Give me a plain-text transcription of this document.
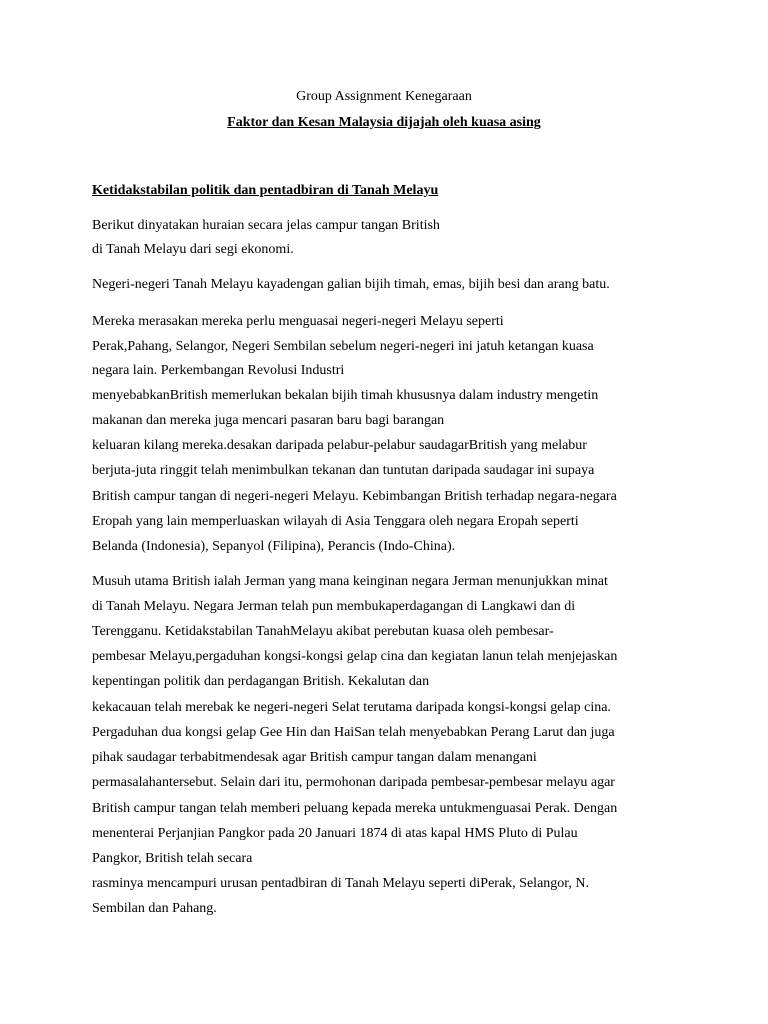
Group Assignment Kenegaraan

Faktor dan Kesan Malaysia dijajah oleh kuasa asing

Ketidakstabilan politik dan pentadbiran di Tanah Melayu

Berikut dinyatakan huraian secara jelas campur tangan British

di Tanah Melayu dari segi ekonomi.

Negeri-negeri Tanah Melayu kayadengan galian bijih timah, emas, bijih besi dan arang batu.

Mereka merasakan mereka perlu menguasai negeri-negeri Melayu seperti

Perak,Pahang, Selangor, Negeri Sembilan sebelum negeri-negeri ini jatuh ketangan kuasa

negara lain. Perkembangan Revolusi Industri

menyebabkanBritish memerlukan bekalan bijih timah khususnya dalam industry mengetin

makanan dan mereka juga mencari pasaran baru bagi barangan

keluaran kilang mereka.desakan daripada pelabur-pelabur saudagarBritish yang melabur

berjuta-juta ringgit telah menimbulkan tekanan dan tuntutan daripada saudagar ini supaya

British campur tangan di negeri-negeri Melayu. Kebimbangan British terhadap negara-negara

Eropah yang lain memperluaskan wilayah di Asia Tenggara oleh negara Eropah seperti

Belanda (Indonesia), Sepanyol (Filipina), Perancis (Indo-China).

Musuh utama British ialah Jerman yang mana keinginan negara Jerman menunjukkan minat

di Tanah Melayu. Negara Jerman telah pun membukaperdagangan di Langkawi dan di

Terengganu. Ketidakstabilan TanahMelayu akibat perebutan kuasa oleh pembesar-

pembesar Melayu,pergaduhan kongsi-kongsi gelap cina dan kegiatan lanun telah menjejaskan

kepentingan politik dan perdagangan British. Kekalutan dan

kekacauan telah merebak ke negeri-negeri Selat terutama daripada kongsi-kongsi gelap cina.

Pergaduhan dua kongsi gelap Gee Hin dan HaiSan telah menyebabkan Perang Larut dan juga

pihak saudagar terbabitmendesak agar British campur tangan dalam menangani

permasalahantersebut. Selain dari itu, permohonan daripada pembesar-pembesar melayu agar

British campur tangan telah memberi peluang kepada mereka untukmenguasai Perak. Dengan

menenterai Perjanjian Pangkor pada 20 Januari 1874 di atas kapal HMS Pluto di Pulau

Pangkor, British telah secara

rasminya mencampuri urusan pentadbiran di Tanah Melayu seperti diPerak, Selangor, N.

Sembilan dan Pahang.
